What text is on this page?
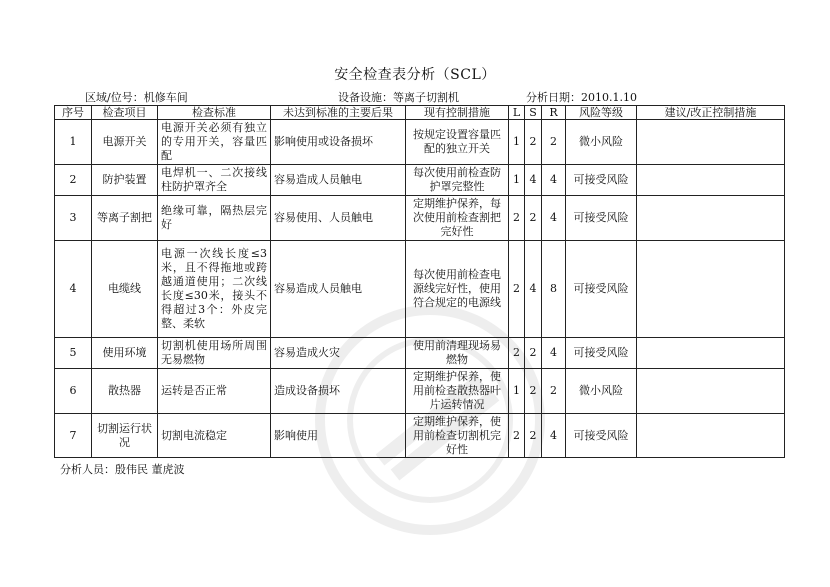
安全检查表分析（SCL）
区域/位号：机修车间	设备设施：等离子切割机	分析日期：2010.1.10
序号	检查项目	检查标准	未达到标准的主要后果	现有控制措施	L	S	R	风险等级	建议/改正控制措施
1	电源开关	电源开关必须有独立的专用开关，容量匹配	影响使用或设备损坏	按规定设置容量匹配的独立开关	1	2	2	微小风险	
2	防护装置	电焊机一、二次接线柱防护罩齐全	容易造成人员触电	每次使用前检查防护罩完整性	1	4	4	可接受风险	
3	等离子割把	绝缘可靠，隔热层完好	容易使用、人员触电	定期维护保养，每次使用前检查割把完好性	2	2	4	可接受风险	
4	电缆线	电源一次线长度≤3米，且不得拖地或跨越通道使用；二次线长度≤30米，接头不得超过3个：外皮完整、柔软	容易造成人员触电	每次使用前检查电源线完好性，使用符合规定的电源线	2	4	8	可接受风险	
5	使用环境	切割机使用场所周围无易燃物	容易造成火灾	使用前清理现场易燃物	2	2	4	可接受风险	
6	散热器	运转是否正常	造成设备损坏	定期维护保养，使用前检查散热器叶片运转情况	1	2	2	微小风险	
7	切割运行状况	切割电流稳定	影响使用	定期维护保养，使用前检查切割机完好性	2	2	4	可接受风险	
分析人员：殷伟民 董虎波
